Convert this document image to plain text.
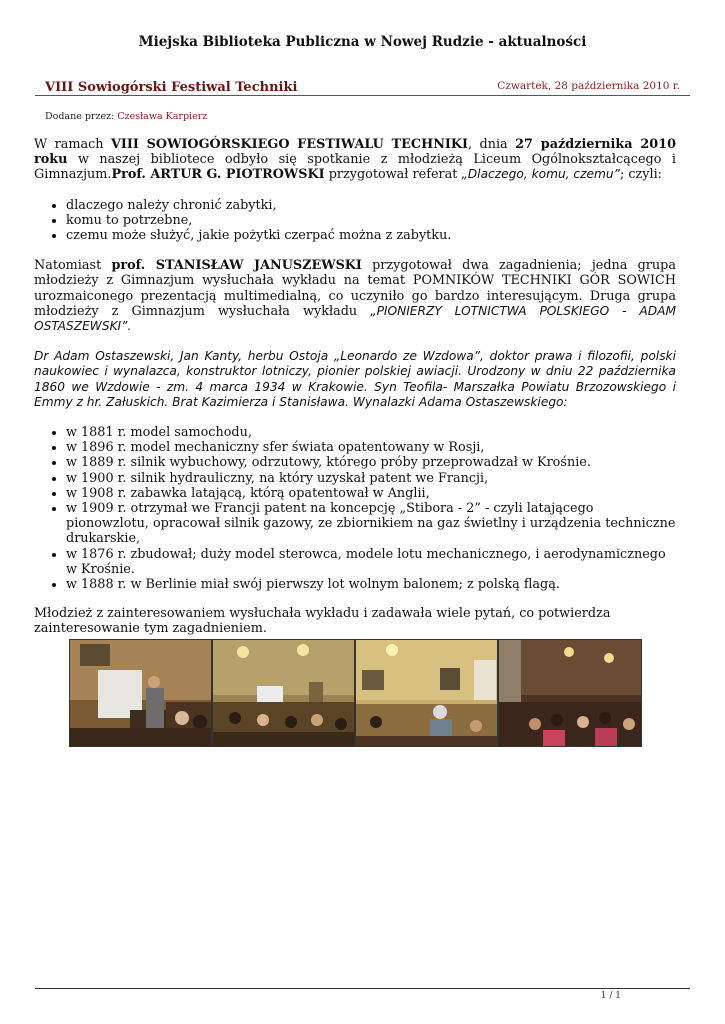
Miejska Biblioteka Publiczna w Nowej Rudzie - aktualności
VIII Sowiogórski Festiwal Techniki	Czwartek, 28 października 2010 r.
Dodane przez: Czesława Karpierz

W ramach VIII SOWIOGÓRSKIEGO FESTIWALU TECHNIKI, dnia 27 października 2010 roku w naszej bibliotece odbyło się spotkanie z młodzieżą Liceum Ogólnokształcącego i Gimnazjum.Prof. ARTUR G. PIOTROWSKI przygotował referat „Dlaczego, komu, czemu”; czyli:

• dlaczego należy chronić zabytki,
• komu to potrzebne,
• czemu może służyć, jakie pożytki czerpać można z zabytku.

Natomiast prof. STANISŁAW JANUSZEWSKI przygotował dwa zagadnienia; jedna grupa młodzieży z Gimnazjum wysłuchała wykładu na temat POMNIKÓW TECHNIKI GÓR SOWICH urozmaiconego prezentacją multimedialną, co uczyniło go bardzo interesującym. Druga grupa młodzieży z Gimnazjum wysłuchała wykładu „PIONIERZY LOTNICTWA POLSKIEGO - ADAM OSTASZEWSKI”.

Dr Adam Ostaszewski, Jan Kanty, herbu Ostoja „Leonardo ze Wzdowa”, doktor prawa i filozofii, polski naukowiec i wynalazca, konstruktor lotniczy, pionier polskiej awiacji. Urodzony w dniu 22 października 1860 we Wzdowie - zm. 4 marca 1934 w Krakowie. Syn Teofila- Marszałka Powiatu Brzozowskiego i Emmy z hr. Załuskich. Brat Kazimierza i Stanisława. Wynalazki Adama Ostaszewskiego:

• w 1881 r. model samochodu,
• w 1896 r. model mechaniczny sfer świata opatentowany w Rosji,
• w 1889 r. silnik wybuchowy, odrzutowy, którego próby przeprowadzał w Krośnie.
• w 1900 r. silnik hydrauliczny, na który uzyskał patent we Francji,
• w 1908 r. zabawka latającą, którą opatentował w Anglii,
• w 1909 r. otrzymał we Francji patent na koncepcję „Stibora - 2” - czyli latającego pionowzlotu, opracował silnik gazowy, ze zbiornikiem na gaz świetlny i urządzenia techniczne drukarskie,
• w 1876 r. zbudował; duży model sterowca, modele lotu mechanicznego, i aerodynamicznego w Krośnie.
• w 1888 r. w Berlinie miał swój pierwszy lot wolnym balonem; z polską flagą.

Młodzież z zainteresowaniem wysłuchała wykładu i zadawała wiele pytań, co potwierdza zainteresowanie tym zagadnieniem.

1 / 1
